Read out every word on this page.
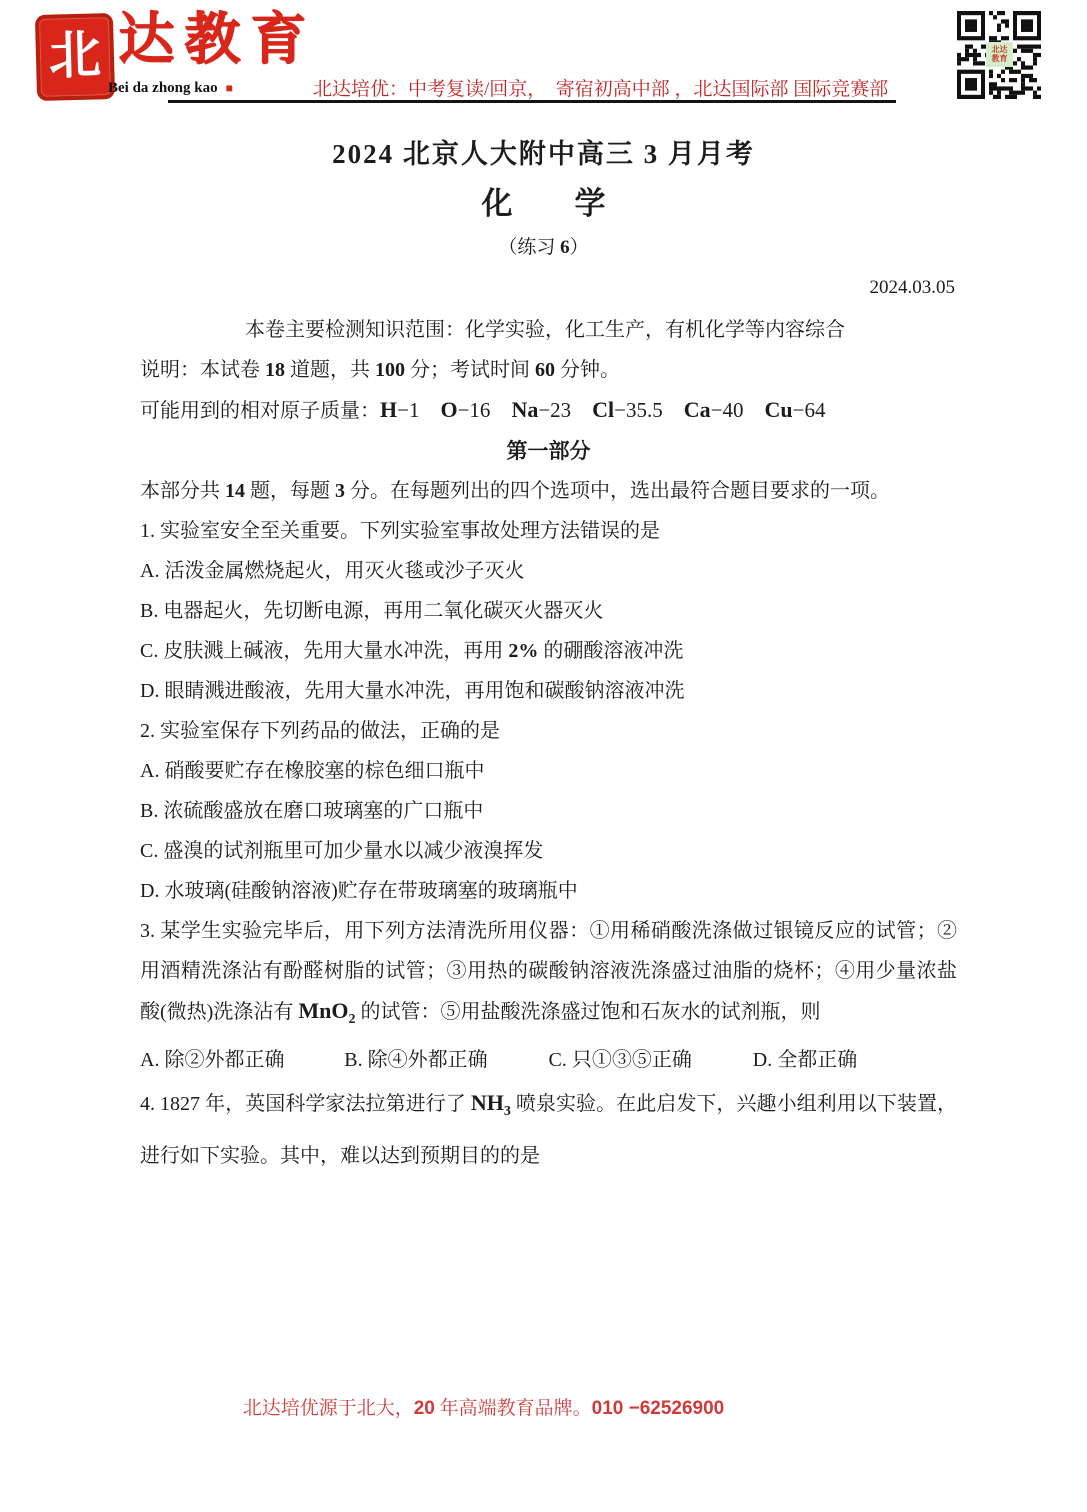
北 达教育
Bei da zhong kao ■	北达培优：中考复读/回京，　寄宿初高中部 ，北达国际部 国际竞赛部
北达
教育
2024 北京人大附中高三 3 月月考
化　　学
（练习 6）
2024.03.05
本卷主要检测知识范围：化学实验，化工生产，有机化学等内容综合
说明：本试卷 18 道题，共 100 分；考试时间 60 分钟。
可能用到的相对原子质量：H−1　O−16　Na−23　Cl−35.5　Ca−40　Cu−64
第一部分
本部分共 14 题，每题 3 分。在每题列出的四个选项中，选出最符合题目要求的一项。
1. 实验室安全至关重要。下列实验室事故处理方法错误的是
A. 活泼金属燃烧起火，用灭火毯或沙子灭火
B. 电器起火，先切断电源，再用二氧化碳灭火器灭火
C. 皮肤溅上碱液，先用大量水冲洗，再用 2% 的硼酸溶液冲洗
D. 眼睛溅进酸液，先用大量水冲洗，再用饱和碳酸钠溶液冲洗
2. 实验室保存下列药品的做法，正确的是
A. 硝酸要贮存在橡胶塞的棕色细口瓶中
B. 浓硫酸盛放在磨口玻璃塞的广口瓶中
C. 盛溴的试剂瓶里可加少量水以减少液溴挥发
D. 水玻璃(硅酸钠溶液)贮存在带玻璃塞的玻璃瓶中
3. 某学生实验完毕后，用下列方法清洗所用仪器：①用稀硝酸洗涤做过银镜反应的试管；②用酒精洗涤沾有酚醛树脂的试管；③用热的碳酸钠溶液洗涤盛过油脂的烧杯；④用少量浓盐酸(微热)洗涤沾有 MnO$_2$ 的试管：⑤用盐酸洗涤盛过饱和石灰水的试剂瓶，则
A. 除②外都正确	B. 除④外都正确	C. 只①③⑤正确	D. 全都正确
4. 1827 年，英国科学家法拉第进行了 $NH_3$ 喷泉实验。在此启发下，兴趣小组利用以下装置，进行如下实验。其中，难以达到预期目的的是
北达培优源于北大，20 年高端教育品牌。010 −62526900
